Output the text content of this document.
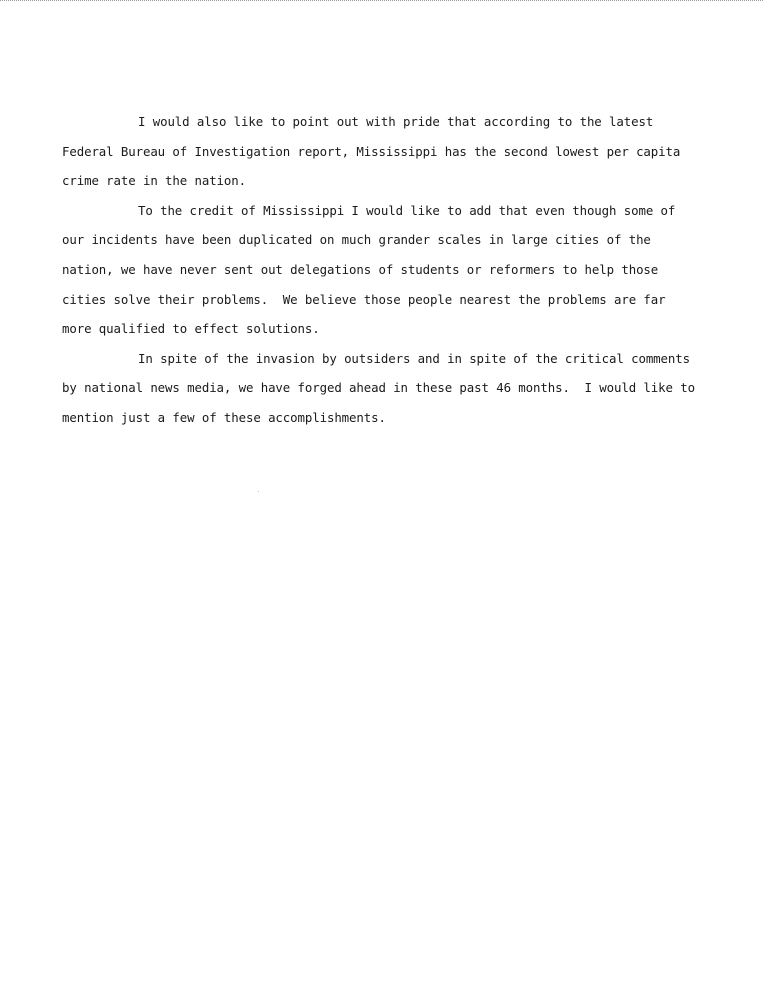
I would also like to point out with pride that according to the latest
Federal Bureau of Investigation report, Mississippi has the second lowest per capita
crime rate in the nation.
To the credit of Mississippi I would like to add that even though some of
our incidents have been duplicated on much grander scales in large cities of the
nation, we have never sent out delegations of students or reformers to help those
cities solve their problems.  We believe those people nearest the problems are far
more qualified to effect solutions.
In spite of the invasion by outsiders and in spite of the critical comments
by national news media, we have forged ahead in these past 46 months.  I would like to
mention just a few of these accomplishments.
